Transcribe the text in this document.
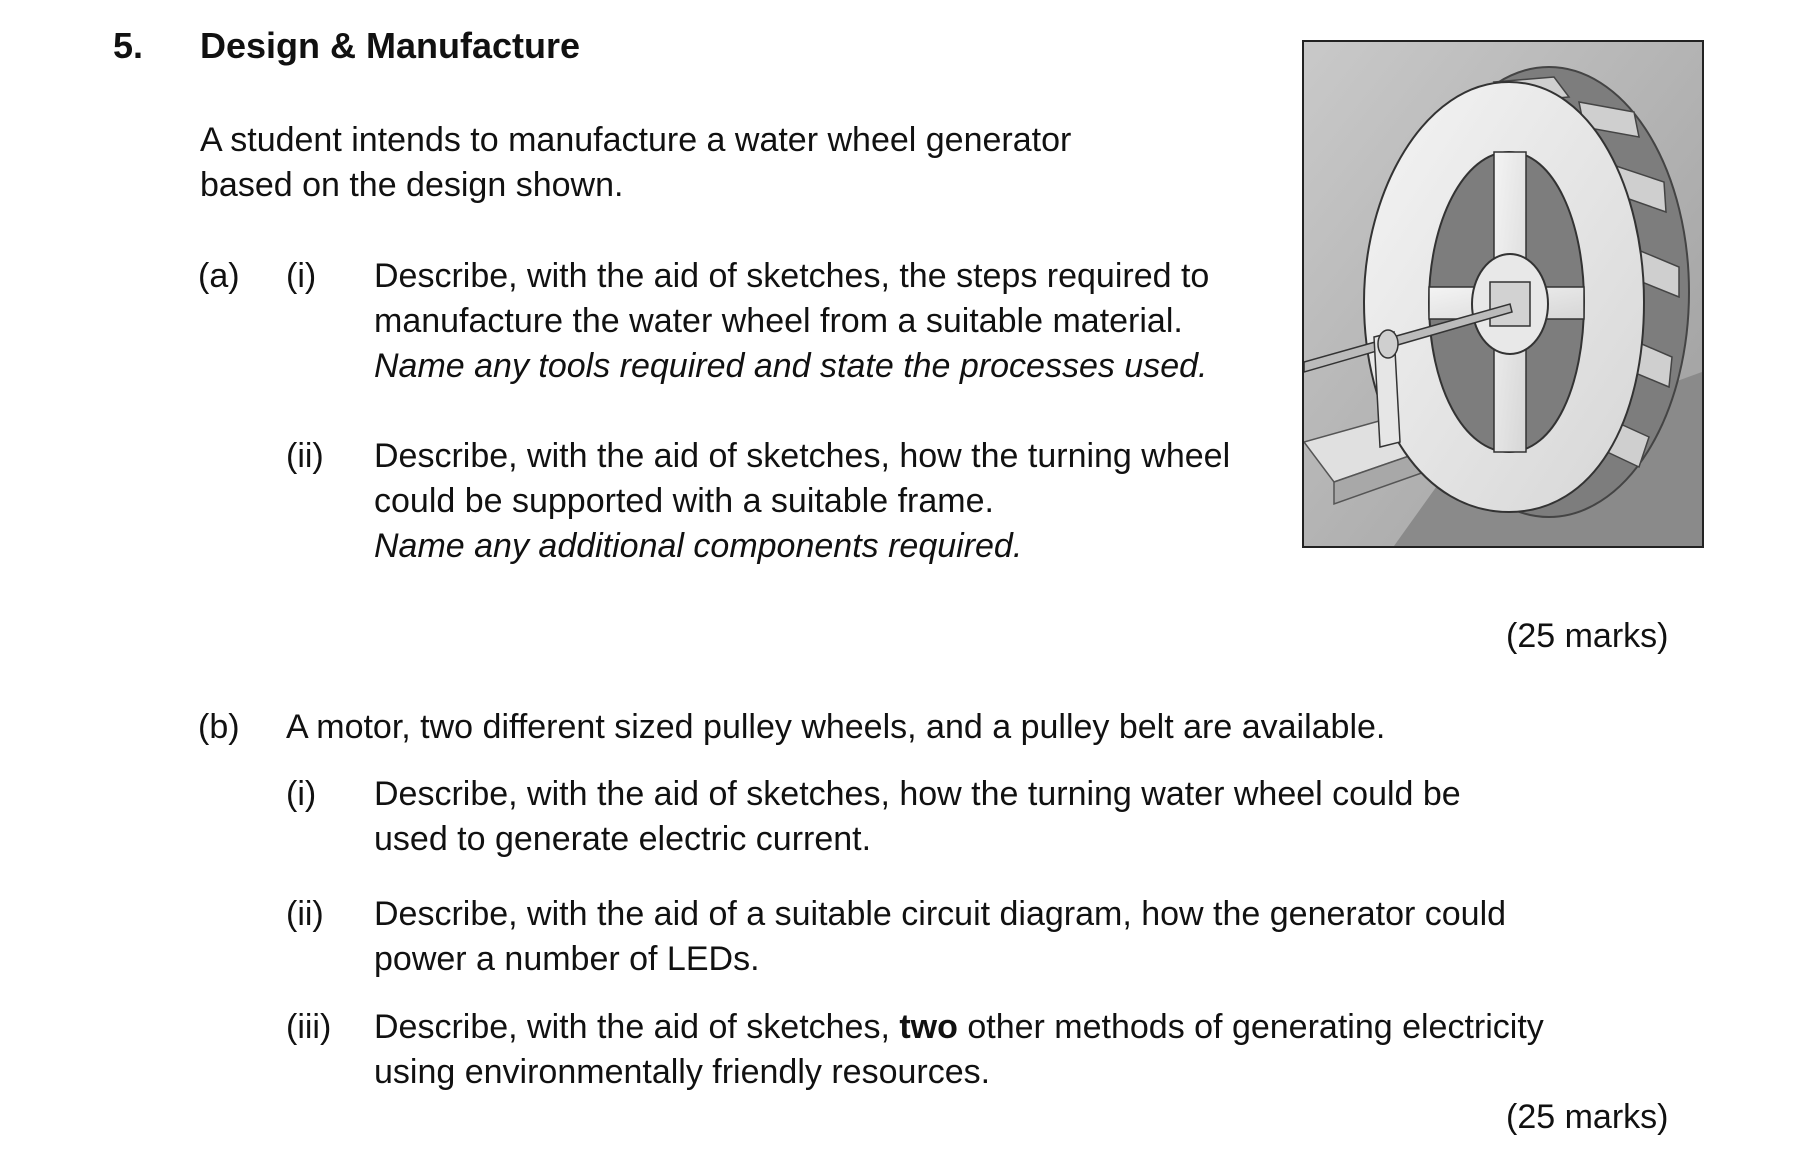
5. Design & Manufacture
A student intends to manufacture a water wheel generator
based on the design shown.
(a) (i) Describe, with the aid of sketches, the steps required to
manufacture the water wheel from a suitable material.
Name any tools required and state the processes used.
(ii) Describe, with the aid of sketches, how the turning wheel
could be supported with a suitable frame.
Name any additional components required.
(25 marks)
(b) A motor, two different sized pulley wheels, and a pulley belt are available.
(i) Describe, with the aid of sketches, how the turning water wheel could be
used to generate electric current.
(ii) Describe, with the aid of a suitable circuit diagram, how the generator could
power a number of LEDs.
(iii) Describe, with the aid of sketches, two other methods of generating electricity
using environmentally friendly resources.
(25 marks)
